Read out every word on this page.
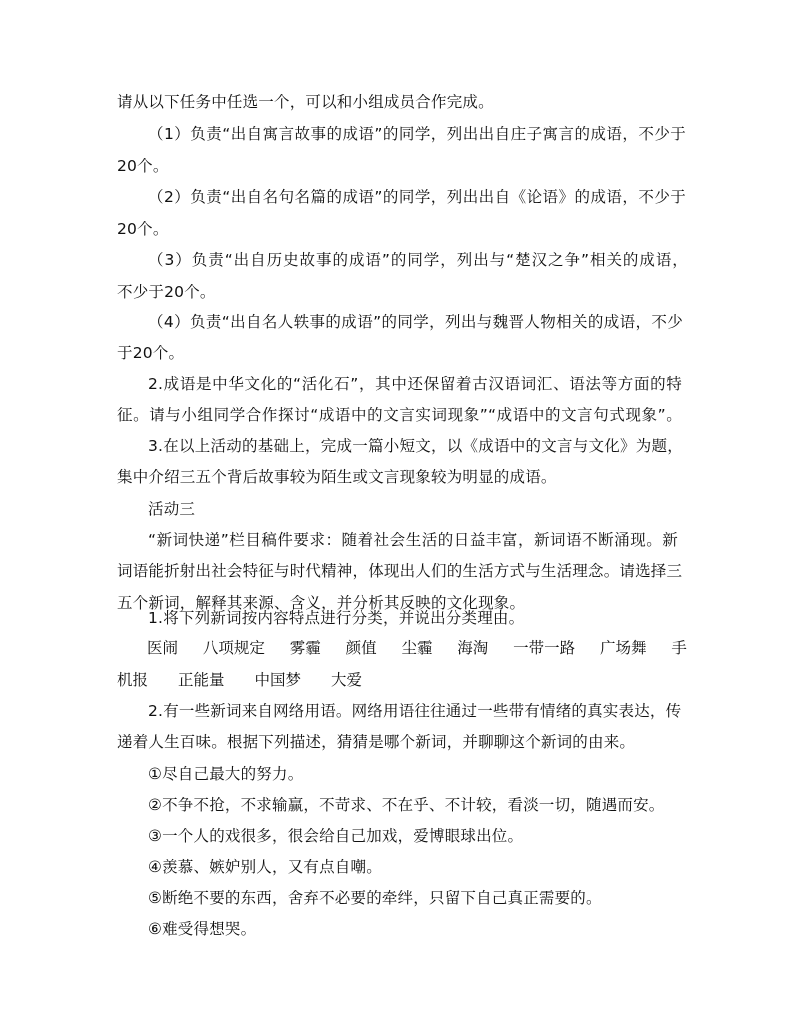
请从以下任务中任选一个，可以和小组成员合作完成。
（1）负责“出自寓言故事的成语”的同学，列出出自庄子寓言的成语，不少于
20个。
（2）负责“出自名句名篇的成语”的同学，列出出自《论语》的成语，不少于
20个。
（3）负责“出自历史故事的成语”的同学，列出与“楚汉之争”相关的成语，
不少于20个。
（4）负责“出自名人轶事的成语”的同学，列出与魏晋人物相关的成语，不少
于20个。
2.成语是中华文化的“活化石”，其中还保留着古汉语词汇、语法等方面的特
征。请与小组同学合作探讨“成语中的文言实词现象”“成语中的文言句式现象”。
3.在以上活动的基础上，完成一篇小短文，以《成语中的文言与文化》为题，
集中介绍三五个背后故事较为陌生或文言现象较为明显的成语。
活动三
“新词快递”栏目稿件要求：随着社会生活的日益丰富，新词语不断涌现。新
词语能折射出社会特征与时代精神，体现出人们的生活方式与生活理念。请选择三
五个新词，解释其来源、含义，并分析其反映的文化现象。
1.将下列新词按内容特点进行分类，并说出分类理由。
医闹 八项规定 雾霾 颜值 尘霾 海淘 一带一路 广场舞 手
机报 正能量 中国梦 大爱
2.有一些新词来自网络用语。网络用语往往通过一些带有情绪的真实表达，传
递着人生百味。根据下列描述，猜猜是哪个新词，并聊聊这个新词的由来。
①尽自己最大的努力。
②不争不抢，不求输赢，不苛求、不在乎、不计较，看淡一切，随遇而安。
③一个人的戏很多，很会给自己加戏，爱博眼球出位。
④羡慕、嫉妒别人，又有点自嘲。
⑤断绝不要的东西，舍弃不必要的牵绊，只留下自己真正需要的。
⑥难受得想哭。
